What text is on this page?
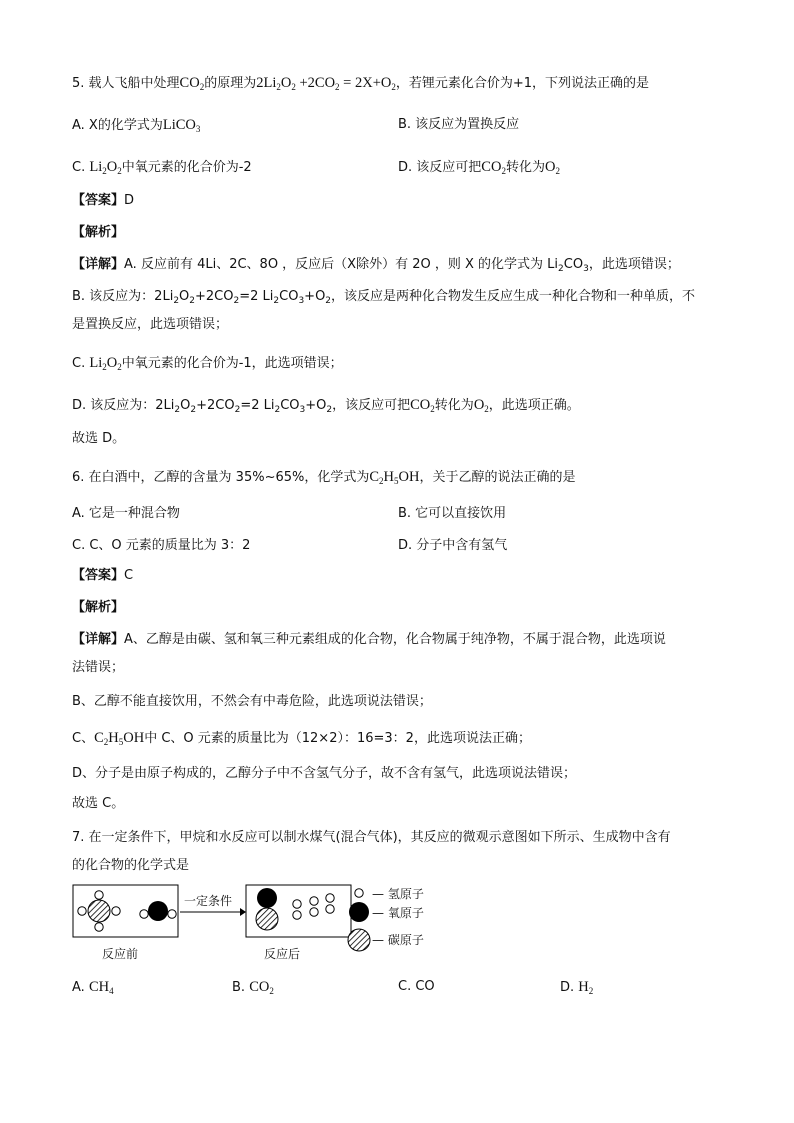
5. 载人飞船中处理$CO_2$的原理为$2Li_2O_2 +2CO_2 = 2X+O_2$，若锂元素化合价为+1，下列说法正确的是
A. X的化学式为LiCO$_3$	B. 该反应为置换反应
C. $Li_2O_2$中氧元素的化合价为-2	D. 该反应可把$CO_2$转化为$O_2$
【答案】D
【解析】
【详解】A. 反应前有 4Li、2C、8O ，反应后（X除外）有 2O ，则 X 的化学式为 $Li_2CO_3$，此选项错误；
B. 该反应为：$2Li_2O_2+2CO_2=2$ $Li_2CO_3+O_2$，该反应是两种化合物发生反应生成一种化合物和一种单质，不
是置换反应，此选项错误；
C. $Li_2O_2$中氧元素的化合价为-1，此选项错误；
D. 该反应为：$2Li_2O_2+2CO_2=2$ $Li_2CO_3+O_2$，该反应可把$CO_2$转化为$O_2$，此选项正确。
故选 D。
6. 在白酒中，乙醇的含量为 35%~65%，化学式为$C_2H_5OH$，关于乙醇的说法正确的是
A. 它是一种混合物	B. 它可以直接饮用
C. C、O 元素的质量比为 3：2	D. 分子中含有氢气
【答案】C
【解析】
【详解】A、乙醇是由碳、氢和氧三种元素组成的化合物，化合物属于纯净物，不属于混合物，此选项说
法错误；
B、乙醇不能直接饮用，不然会有中毒危险，此选项说法错误；
C、$C_2H_5OH$中 C、O 元素的质量比为（12×2）：16=3：2，此选项说法正确；
D、分子是由原子构成的，乙醇分子中不含氢气分子，故不含有氢气，此选项说法错误；
故选 C。
7. 在一定条件下，甲烷和水反应可以制水煤气(混合气体)，其反应的微观示意图如下所示、生成物中含有
的化合物的化学式是
一定条件
反应前	反应后
— 氢原子
— 氧原子
— 碳原子
A. $CH_4$	B. $CO_2$	C. CO	D. $H_2$
